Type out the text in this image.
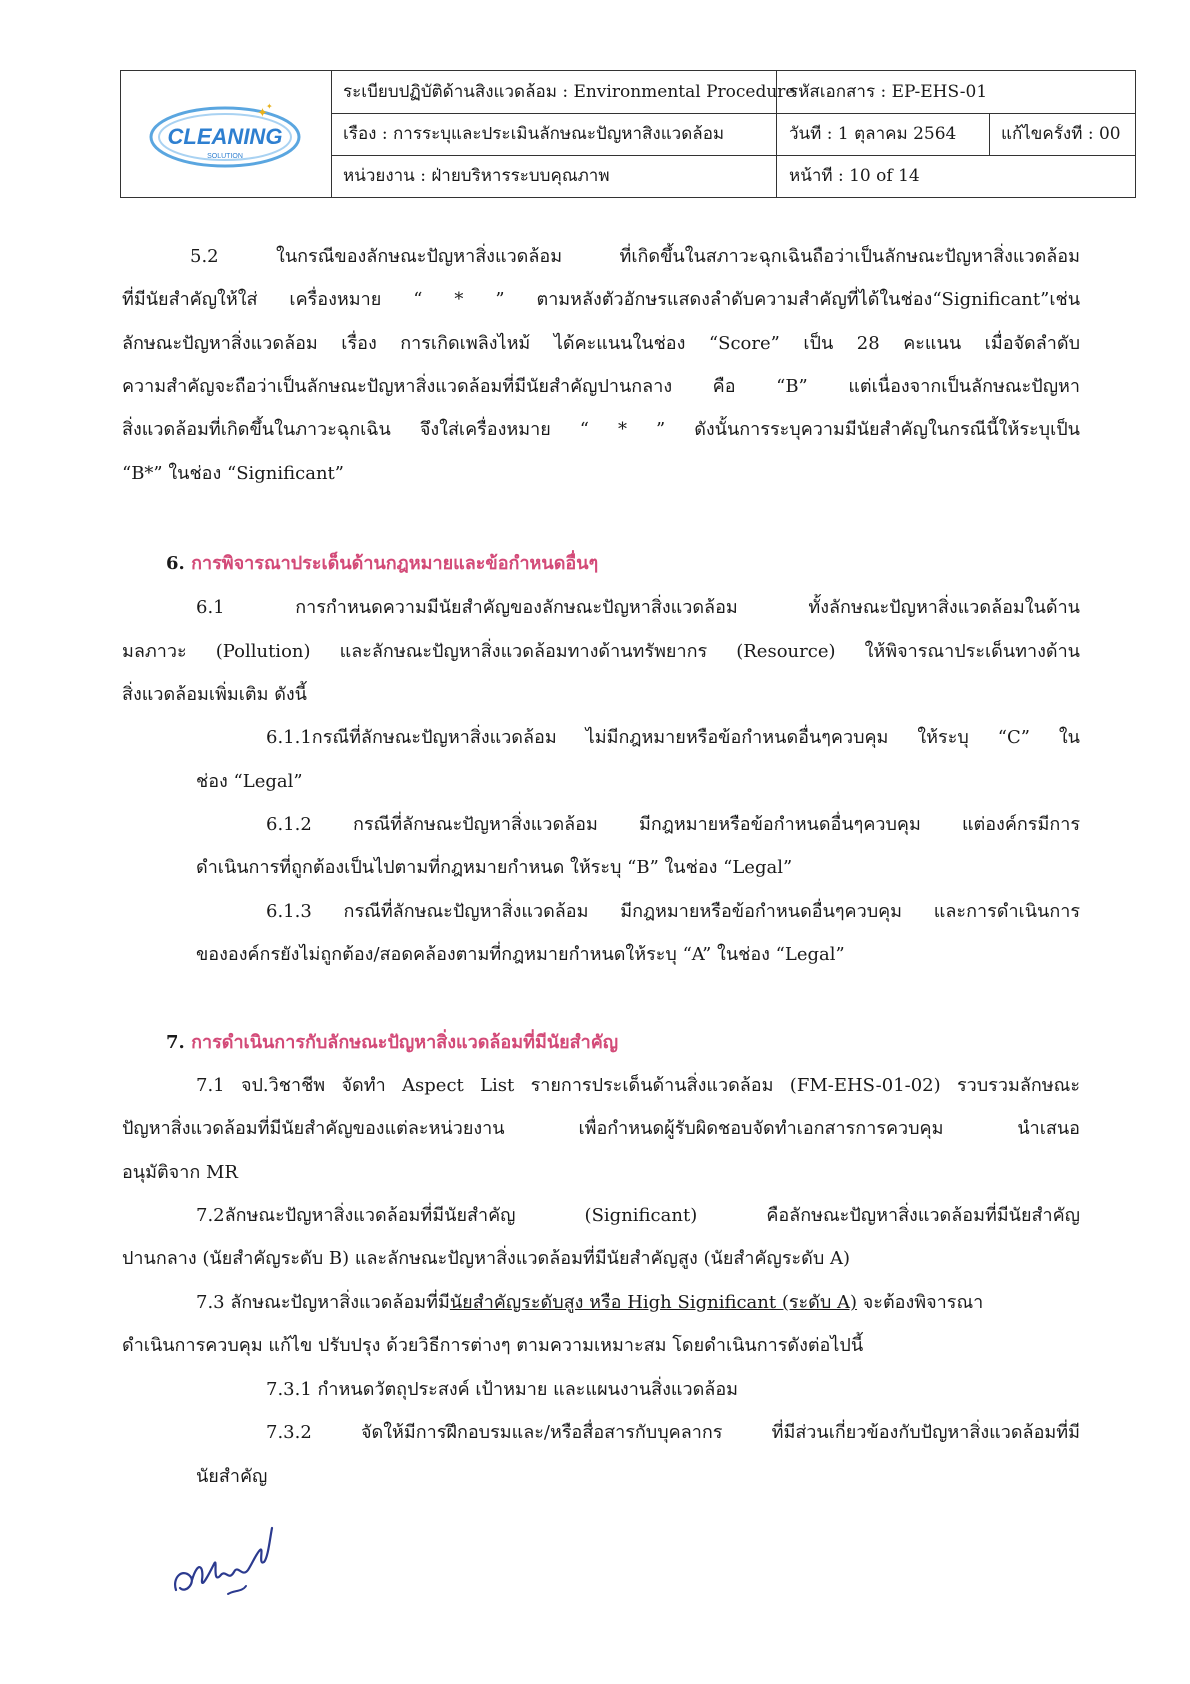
CLEANING
SOLUTION
✦
✦
ระเบียบปฏิบัติด้านสิ่งแวดล้อม : Environmental Procedure
เรื่อง : การระบุและประเมินลักษณะปัญหาสิ่งแวดล้อม
หน่วยงาน : ฝ่ายบริหารระบบคุณภาพ
รหัสเอกสาร : EP-EHS-01
วันที่ : 1 ตุลาคม 2564	แก้ไขครั้งที่ : 00
หน้าที่ : 10 of 14
5.2 ในกรณีของลักษณะปัญหาสิ่งแวดล้อม ที่เกิดขึ้นในสภาวะฉุกเฉินถือว่าเป็นลักษณะปัญหาสิ่งแวดล้อม
ที่มีนัยสำคัญให้ใส่ เครื่องหมาย “ * ” ตามหลังตัวอักษรแสดงลำดับความสำคัญที่ได้ในช่อง“Significant”เช่น
ลักษณะปัญหาสิ่งแวดล้อม เรื่อง การเกิดเพลิงไหม้ ได้คะแนนในช่อง “Score” เป็น 28 คะแนน เมื่อจัดลำดับ
ความสำคัญจะถือว่าเป็นลักษณะปัญหาสิ่งแวดล้อมที่มีนัยสำคัญปานกลาง คือ “B” แต่เนื่องจากเป็นลักษณะปัญหา
สิ่งแวดล้อมที่เกิดขึ้นในภาวะฉุกเฉิน จึงใส่เครื่องหมาย “ * ” ดังนั้นการระบุความมีนัยสำคัญในกรณีนี้ให้ระบุเป็น
“B*” ในช่อง “Significant”
6. การพิจารณาประเด็นด้านกฎหมายและข้อกำหนดอื่นๆ
6.1 การกำหนดความมีนัยสำคัญของลักษณะปัญหาสิ่งแวดล้อม ทั้งลักษณะปัญหาสิ่งแวดล้อมในด้าน
มลภาวะ (Pollution) และลักษณะปัญหาสิ่งแวดล้อมทางด้านทรัพยากร (Resource) ให้พิจารณาประเด็นทางด้าน
สิ่งแวดล้อมเพิ่มเติม ดังนี้
6.1.1กรณีที่ลักษณะปัญหาสิ่งแวดล้อม ไม่มีกฎหมายหรือข้อกำหนดอื่นๆควบคุม ให้ระบุ “C” ใน
ช่อง “Legal”
6.1.2 กรณีที่ลักษณะปัญหาสิ่งแวดล้อม มีกฎหมายหรือข้อกำหนดอื่นๆควบคุม แต่องค์กรมีการ
ดำเนินการที่ถูกต้องเป็นไปตามที่กฎหมายกำหนด ให้ระบุ “B” ในช่อง “Legal”
6.1.3 กรณีที่ลักษณะปัญหาสิ่งแวดล้อม มีกฎหมายหรือข้อกำหนดอื่นๆควบคุม และการดำเนินการ
ขององค์กรยังไม่ถูกต้อง/สอดคล้องตามที่กฎหมายกำหนดให้ระบุ “A” ในช่อง “Legal”
7. การดำเนินการกับลักษณะปัญหาสิ่งแวดล้อมที่มีนัยสำคัญ
7.1 จป.วิชาชีพ จัดทำ Aspect List รายการประเด็นด้านสิ่งแวดล้อม (FM-EHS-01-02) รวบรวมลักษณะ
ปัญหาสิ่งแวดล้อมที่มีนัยสำคัญของแต่ละหน่วยงาน เพื่อกำหนดผู้รับผิดชอบจัดทำเอกสารการควบคุม นำเสนอ
อนุมัติจาก MR
7.2ลักษณะปัญหาสิ่งแวดล้อมที่มีนัยสำคัญ (Significant) คือลักษณะปัญหาสิ่งแวดล้อมที่มีนัยสำคัญ
ปานกลาง (นัยสำคัญระดับ B) และลักษณะปัญหาสิ่งแวดล้อมที่มีนัยสำคัญสูง (นัยสำคัญระดับ A)
7.3 ลักษณะปัญหาสิ่งแวดล้อมที่มีนัยสำคัญระดับสูง หรือ High Significant (ระดับ A) จะต้องพิจารณา
ดำเนินการควบคุม แก้ไข ปรับปรุง ด้วยวิธีการต่างๆ ตามความเหมาะสม โดยดำเนินการดังต่อไปนี้
7.3.1 กำหนดวัตถุประสงค์ เป้าหมาย และแผนงานสิ่งแวดล้อม
7.3.2 จัดให้มีการฝึกอบรมและ/หรือสื่อสารกับบุคลากร ที่มีส่วนเกี่ยวข้องกับปัญหาสิ่งแวดล้อมที่มี
นัยสำคัญ
